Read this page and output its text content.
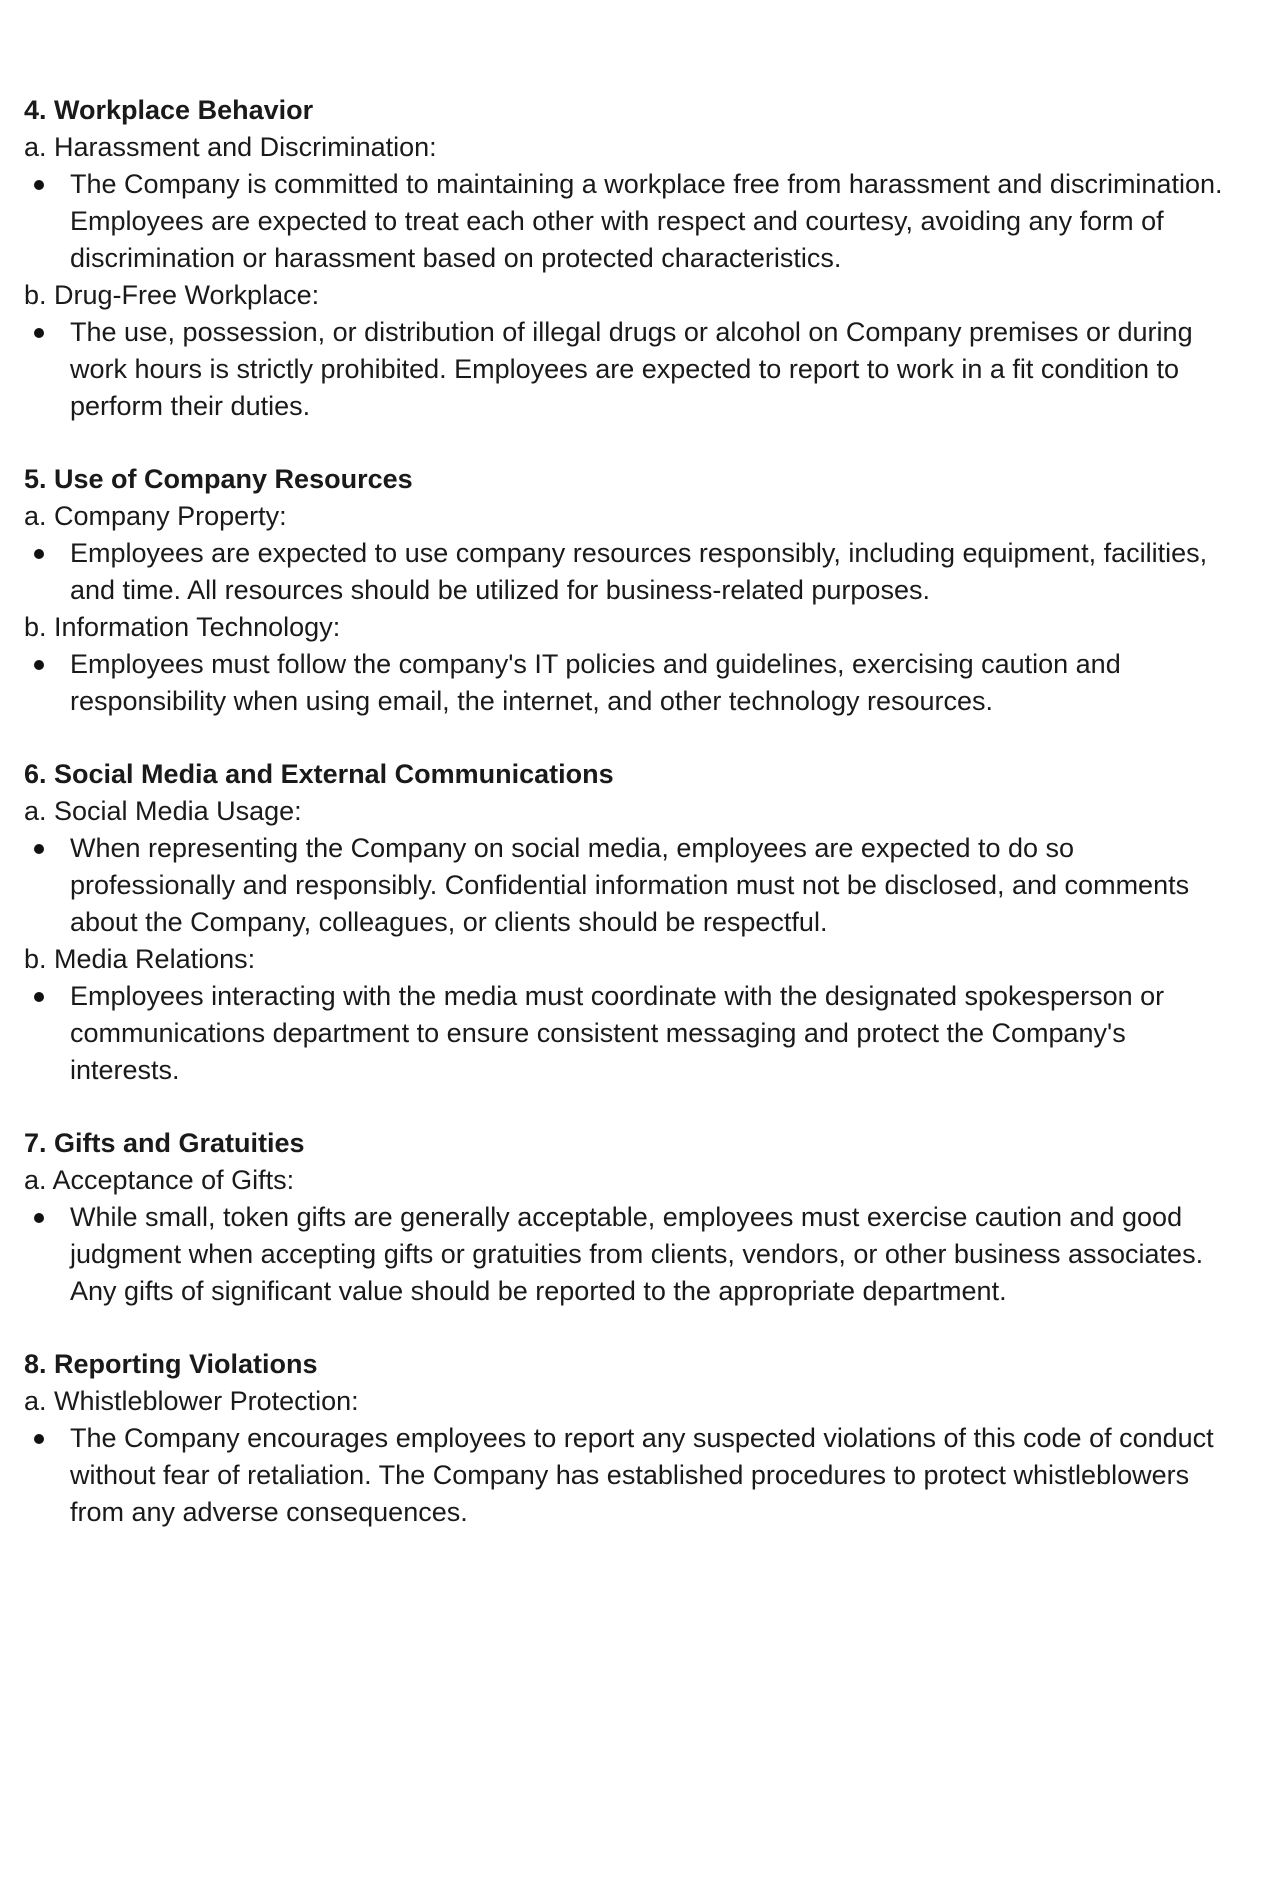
4. Workplace Behavior

a. Harassment and Discrimination:

The Company is committed to maintaining a workplace free from harassment and discrimination. Employees are expected to treat each other with respect and courtesy, avoiding any form of discrimination or harassment based on protected characteristics.

b. Drug-Free Workplace:

The use, possession, or distribution of illegal drugs or alcohol on Company premises or during work hours is strictly prohibited. Employees are expected to report to work in a fit condition to perform their duties.

5. Use of Company Resources

a. Company Property:

Employees are expected to use company resources responsibly, including equipment, facilities, and time. All resources should be utilized for business-related purposes.

b. Information Technology:

Employees must follow the company's IT policies and guidelines, exercising caution and responsibility when using email, the internet, and other technology resources.

6. Social Media and External Communications

a. Social Media Usage:

When representing the Company on social media, employees are expected to do so professionally and responsibly. Confidential information must not be disclosed, and comments about the Company, colleagues, or clients should be respectful.

b. Media Relations:

Employees interacting with the media must coordinate with the designated spokesperson or communications department to ensure consistent messaging and protect the Company's interests.

7. Gifts and Gratuities

a. Acceptance of Gifts:

While small, token gifts are generally acceptable, employees must exercise caution and good judgment when accepting gifts or gratuities from clients, vendors, or other business associates. Any gifts of significant value should be reported to the appropriate department.

8. Reporting Violations

a. Whistleblower Protection:

The Company encourages employees to report any suspected violations of this code of conduct without fear of retaliation. The Company has established procedures to protect whistleblowers from any adverse consequences.
